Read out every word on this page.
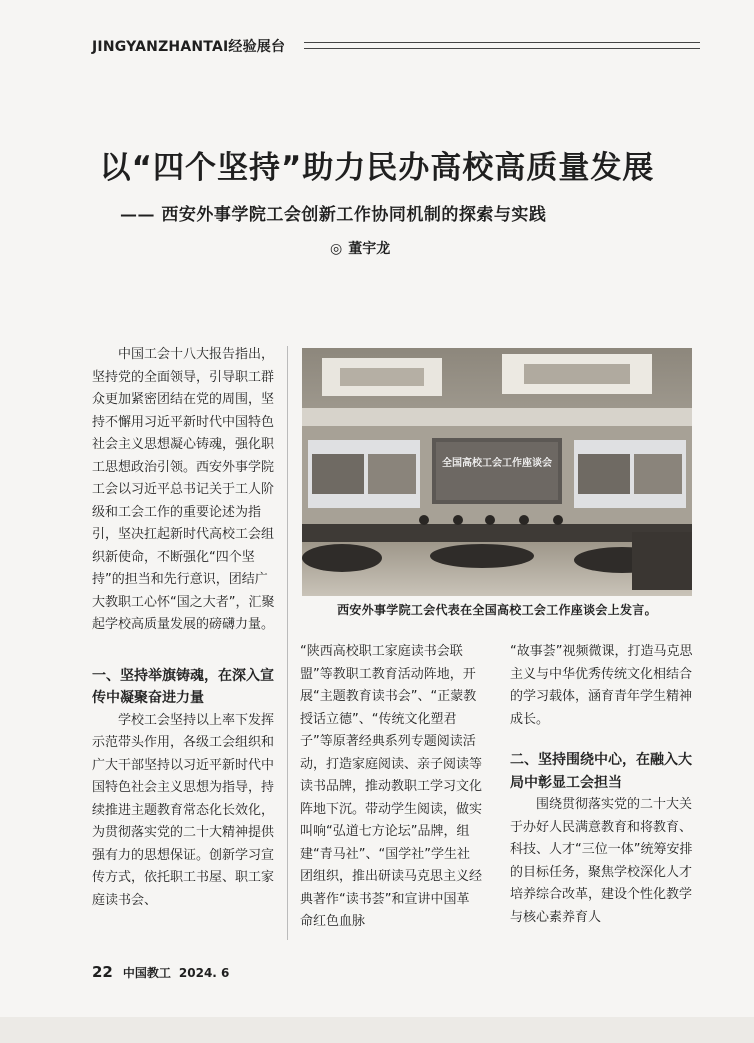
JINGYANZHANTAI经验展台
以“四个坚持”助力民办高校高质量发展
—— 西安外事学院工会创新工作协同机制的探索与实践
◎ 董宇龙

中国工会十八大报告指出，坚持党的全面领导，引导职工群众更加紧密团结在党的周围，坚持不懈用习近平新时代中国特色社会主义思想凝心铸魂，强化职工思想政治引领。西安外事学院工会以习近平总书记关于工人阶级和工会工作的重要论述为指引，坚决扛起新时代高校工会组织新使命，不断强化“四个坚持”的担当和先行意识，团结广大教职工心怀“国之大者”，汇聚起学校高质量发展的磅礴力量。

一、坚持举旗铸魂，在深入宣传中凝聚奋进力量

学校工会坚持以上率下发挥示范带头作用，各级工会组织和广大干部坚持以习近平新时代中国特色社会主义思想为指导，持续推进主题教育常态化长效化，为贯彻落实党的二十大精神提供强有力的思想保证。创新学习宣传方式，依托职工书屋、职工家庭读书会、

全国高校工会工作座谈会
西安外事学院工会代表在全国高校工会工作座谈会上发言。

“陕西高校职工家庭读书会联盟”等教职工教育活动阵地，开展“主题教育读书会”、“正蒙教授话立德”、“传统文化塑君子”等原著经典系列专题阅读活动，打造家庭阅读、亲子阅读等读书品牌，推动教职工学习文化阵地下沉。带动学生阅读，做实叫响“弘道七方论坛”品牌，组建“青马社”、“国学社”学生社团组织，推出研读马克思主义经典著作“读书荟”和宣讲中国革命红色血脉

“故事荟”视频微课，打造马克思主义与中华优秀传统文化相结合的学习载体，涵育青年学生精神成长。

二、坚持围绕中心，在融入大局中彰显工会担当

围绕贯彻落实党的二十大关于办好人民满意教育和将教育、科技、人才“三位一体”统筹安排的目标任务，聚焦学校深化人才培养综合改革，建设个性化教学与核心素养育人

22 中国教工 2024. 6
